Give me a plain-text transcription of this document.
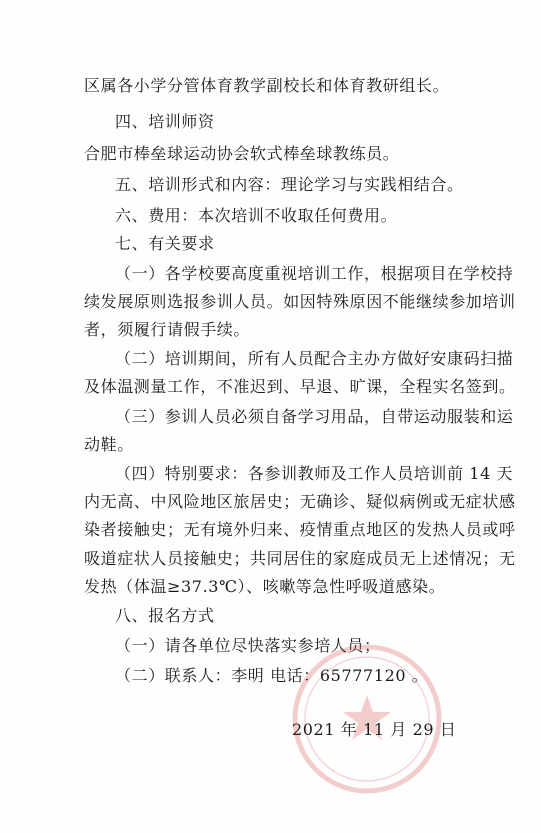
区属各小学分管体育教学副校长和体育教研组长。
四、培训师资
合肥市棒垒球运动协会软式棒垒球教练员。
五、培训形式和内容：理论学习与实践相结合。
六、费用：本次培训不收取任何费用。
七、有关要求
（一）各学校要高度重视培训工作，根据项目在学校持
续发展原则选报参训人员。如因特殊原因不能继续参加培训
者，须履行请假手续。
（二）培训期间，所有人员配合主办方做好安康码扫描
及体温测量工作，不准迟到、早退、旷课，全程实名签到。
（三）参训人员必须自备学习用品，自带运动服装和运
动鞋。
（四）特别要求：各参训教师及工作人员培训前 14 天
内无高、中风险地区旅居史；无确诊、疑似病例或无症状感
染者接触史；无有境外归来、疫情重点地区的发热人员或呼
吸道症状人员接触史；共同居住的家庭成员无上述情况；无
发热（体温≥37.3℃）、咳嗽等急性呼吸道感染。
八、报名方式
（一）请各单位尽快落实参培人员；
（二）联系人：李明 电话：65777120 。
2021 年 11 月 29 日
